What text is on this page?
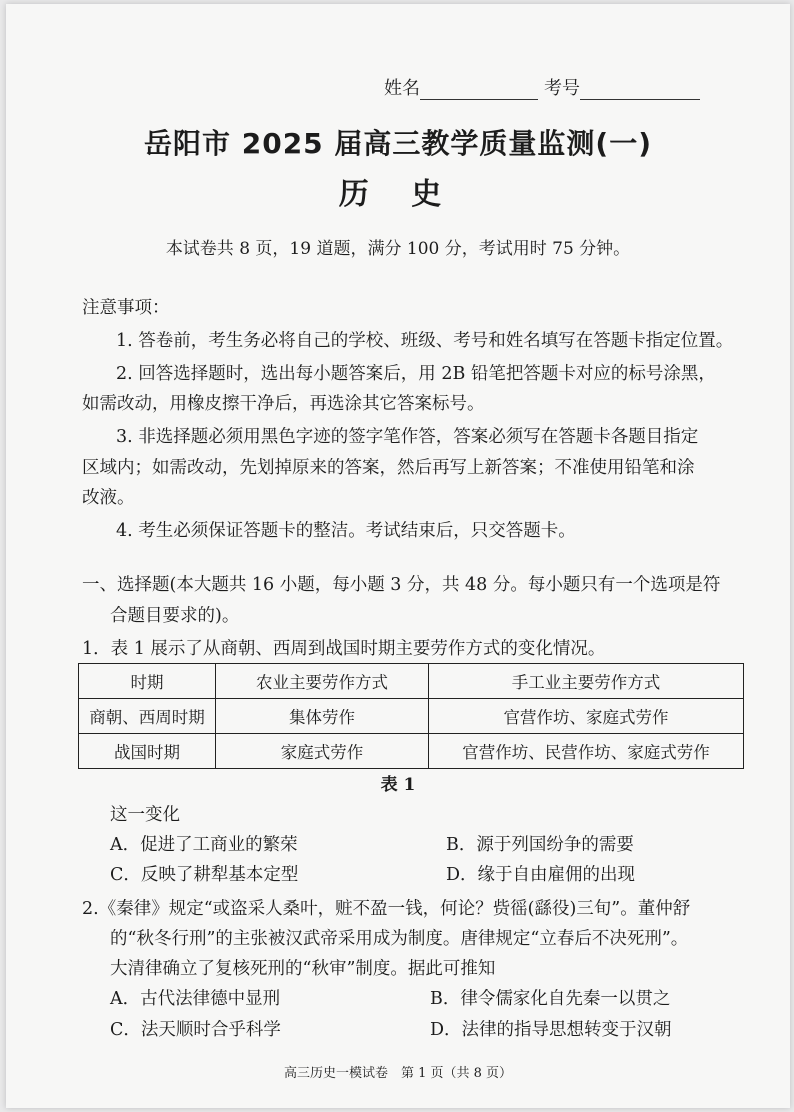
姓名	考号
岳阳市 2025 届高三教学质量监测(一)
历 史
本试卷共 8 页，19 道题，满分 100 分，考试用时 75 分钟。
注意事项：
1. 答卷前，考生务必将自己的学校、班级、考号和姓名填写在答题卡指定位置。
2. 回答选择题时，选出每小题答案后，用 2B 铅笔把答题卡对应的标号涂黑，
如需改动，用橡皮擦干净后，再选涂其它答案标号。
3. 非选择题必须用黑色字迹的签字笔作答，答案必须写在答题卡各题目指定
区域内；如需改动，先划掉原来的答案，然后再写上新答案；不准使用铅笔和涂
改液。
4. 考生必须保证答题卡的整洁。考试结束后，只交答题卡。
一、选择题(本大题共 16 小题，每小题 3 分，共 48 分。每小题只有一个选项是符
合题目要求的)。
1．表 1 展示了从商朝、西周到战国时期主要劳作方式的变化情况。
时期	农业主要劳作方式	手工业主要劳作方式
商朝、西周时期	集体劳作	官营作坊、家庭式劳作
战国时期	家庭式劳作	官营作坊、民营作坊、家庭式劳作
表 1
这一变化
A．促进了工商业的繁荣	B．源于列国纷争的需要
C．反映了耕犁基本定型	D．缘于自由雇佣的出现
2.《秦律》规定“或盗采人桑叶，赃不盈一钱，何论？赀徭(繇役)三旬”。董仲舒
的“秋冬行刑”的主张被汉武帝采用成为制度。唐律规定“立春后不决死刑”。
大清律确立了复核死刑的“秋审”制度。据此可推知
A．古代法律德中显刑	B．律令儒家化自先秦一以贯之
C．法天顺时合乎科学	D．法律的指导思想转变于汉朝
高三历史一模试卷　第 1 页（共 8 页）
